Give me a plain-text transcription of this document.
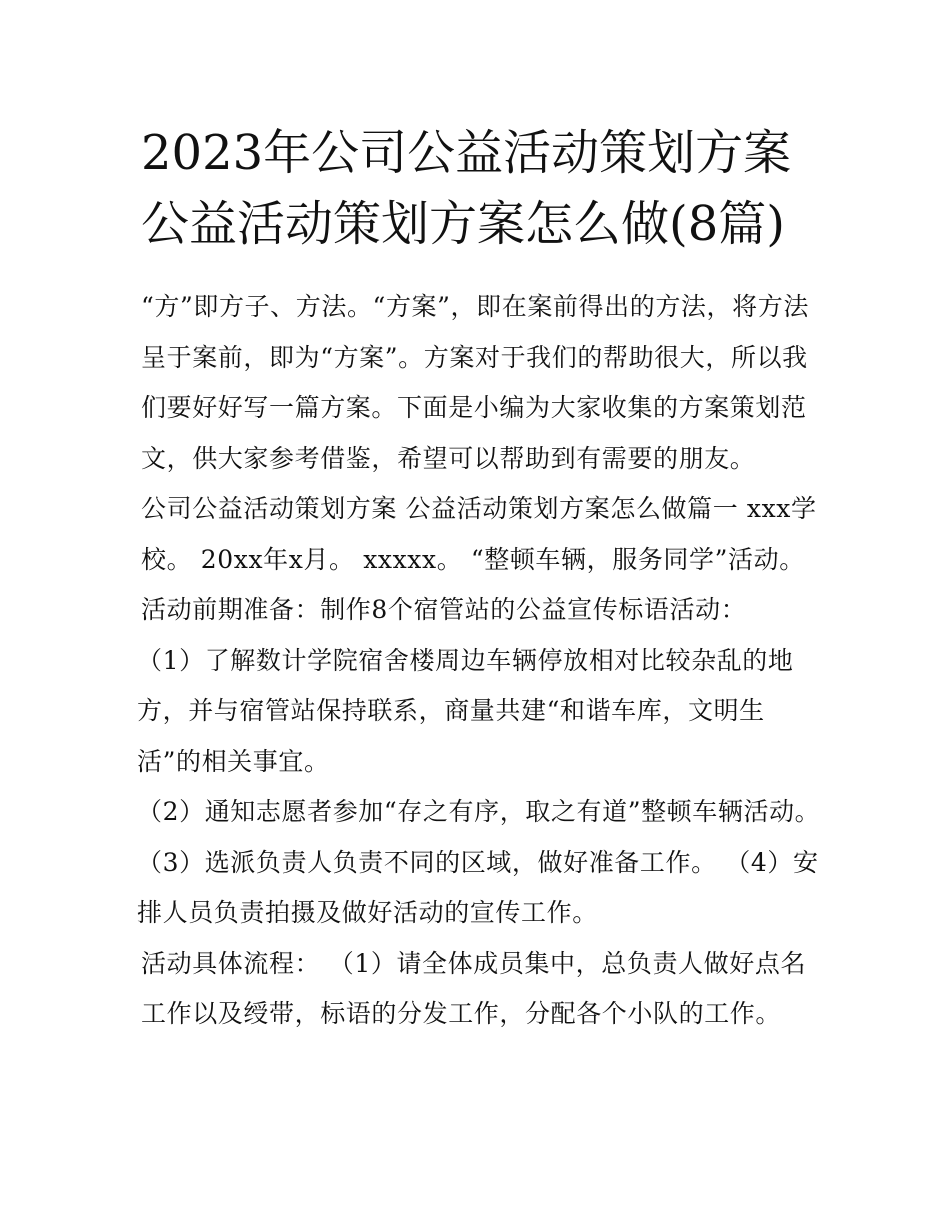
2023年公司公益活动策划方案公益活动策划方案怎么做(8篇)

“方”即方子、方法。“方案”，即在案前得出的方法，将方法呈于案前，即为“方案”。方案对于我们的帮助很大，所以我们要好好写一篇方案。下面是小编为大家收集的方案策划范文，供大家参考借鉴，希望可以帮助到有需要的朋友。

公司公益活动策划方案 公益活动策划方案怎么做篇一 xxx学校。 20xx年x月。 xxxxx。 “整顿车辆，服务同学”活动。

活动前期准备：制作8个宿管站的公益宣传标语活动：

（1）了解数计学院宿舍楼周边车辆停放相对比较杂乱的地方，并与宿管站保持联系，商量共建“和谐车库，文明生活”的相关事宜。

（2）通知志愿者参加“存之有序，取之有道”整顿车辆活动。

（3）选派负责人负责不同的区域，做好准备工作。 （4）安排人员负责拍摄及做好活动的宣传工作。

活动具体流程： （1）请全体成员集中，总负责人做好点名工作以及绶带，标语的分发工作，分配各个小队的工作。
